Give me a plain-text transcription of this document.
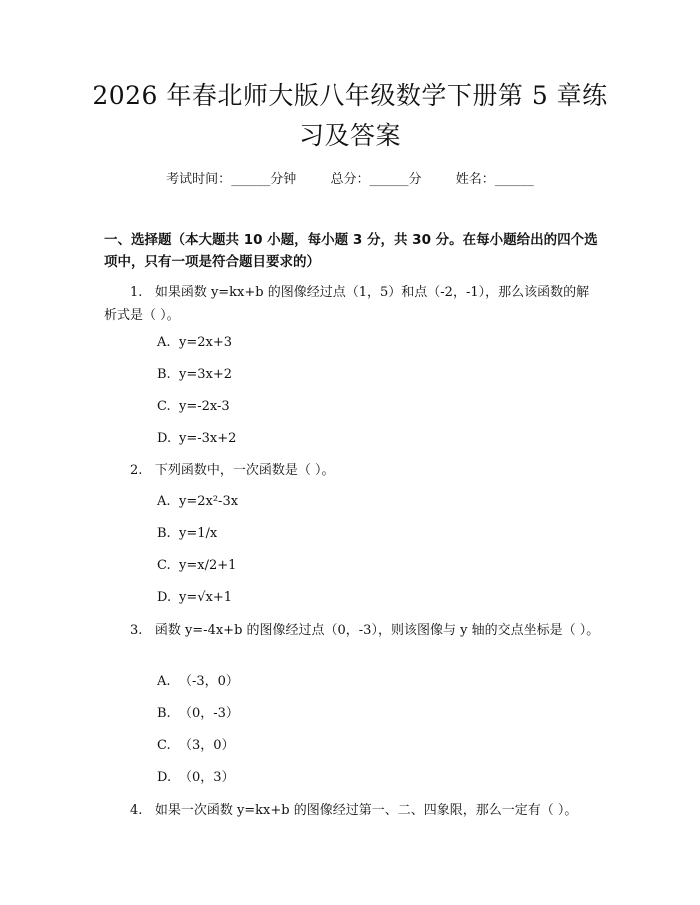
2026 年春北师大版八年级数学下册第 5 章练
习及答案
考试时间：______分钟	总分：______分	姓名：______
一、选择题（本大题共 10 小题，每小题 3 分，共 30 分。在每小题给出的四个选项中，只有一项是符合题目要求的）
1. 如果函数 y=kx+b 的图像经过点（1，5）和点（-2，-1），那么该函数的解析式是（ ）。
A. y=2x+3
B. y=3x+2
C. y=-2x-3
D. y=-3x+2
2. 下列函数中，一次函数是（ ）。
A. y=2x²-3x
B. y=1/x
C. y=x/2+1
D. y=√x+1
3. 函数 y=-4x+b 的图像经过点（0，-3），则该图像与 y 轴的交点坐标是（ ）。
A. （-3，0）
B. （0，-3）
C. （3，0）
D. （0，3）
4. 如果一次函数 y=kx+b 的图像经过第一、二、四象限，那么一定有（ ）。
